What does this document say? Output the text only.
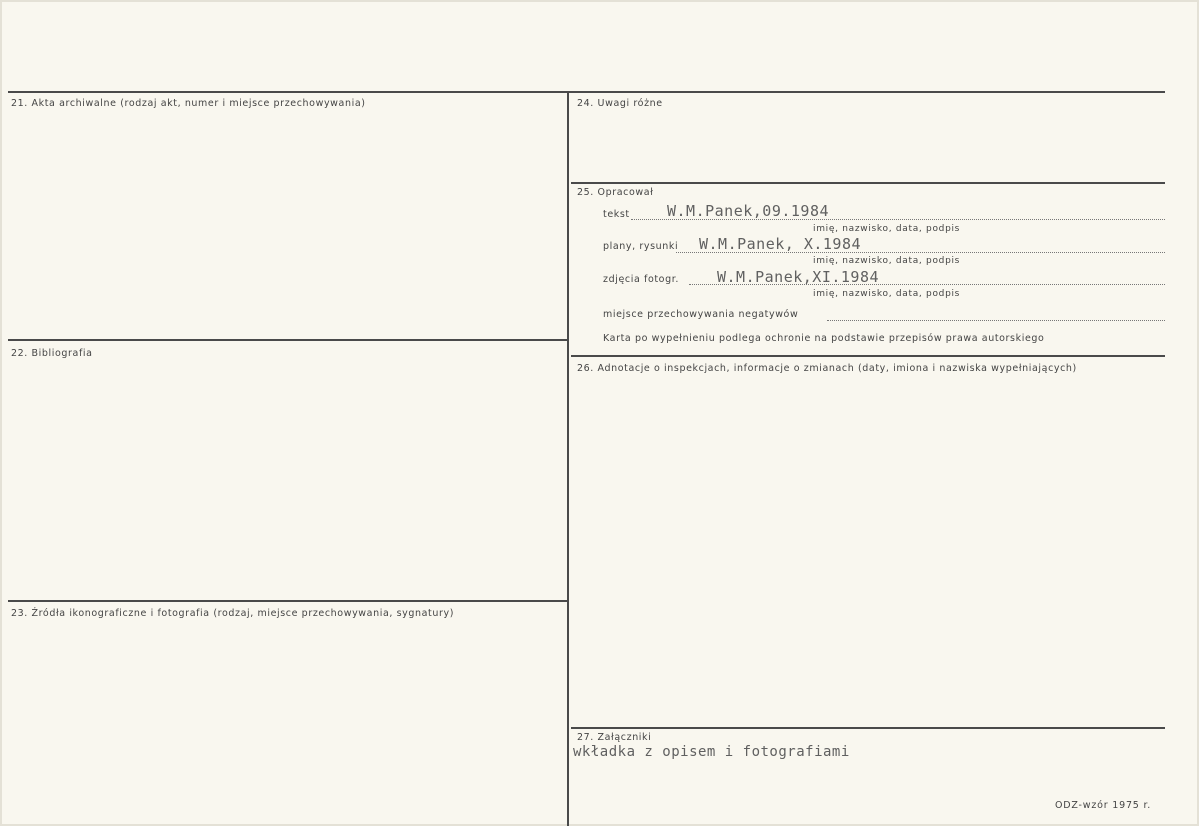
21. Akta archiwalne (rodzaj akt, numer i miejsce przechowywania)
22. Bibliografia
23. Źródła ikonograficzne i fotografia (rodzaj, miejsce przechowywania, sygnatury)
24. Uwagi różne
25. Opracował
tekst W.M.Panek,09.1984
imię, nazwisko, data, podpis
plany, rysunki W.M.Panek, X.1984
imię, nazwisko, data, podpis
zdjęcia fotogr.	W.M.Panek,XI.1984
imię, nazwisko, data, podpis
miejsce przechowywania negatywów
Karta po wypełnieniu podlega ochronie na podstawie przepisów prawa autorskiego
26. Adnotacje o inspekcjach, informacje o zmianach (daty, imiona i nazwiska wypełniających)
27. Załączniki
wkładka z opisem i fotografiami
ODZ-wzór 1975 r.
